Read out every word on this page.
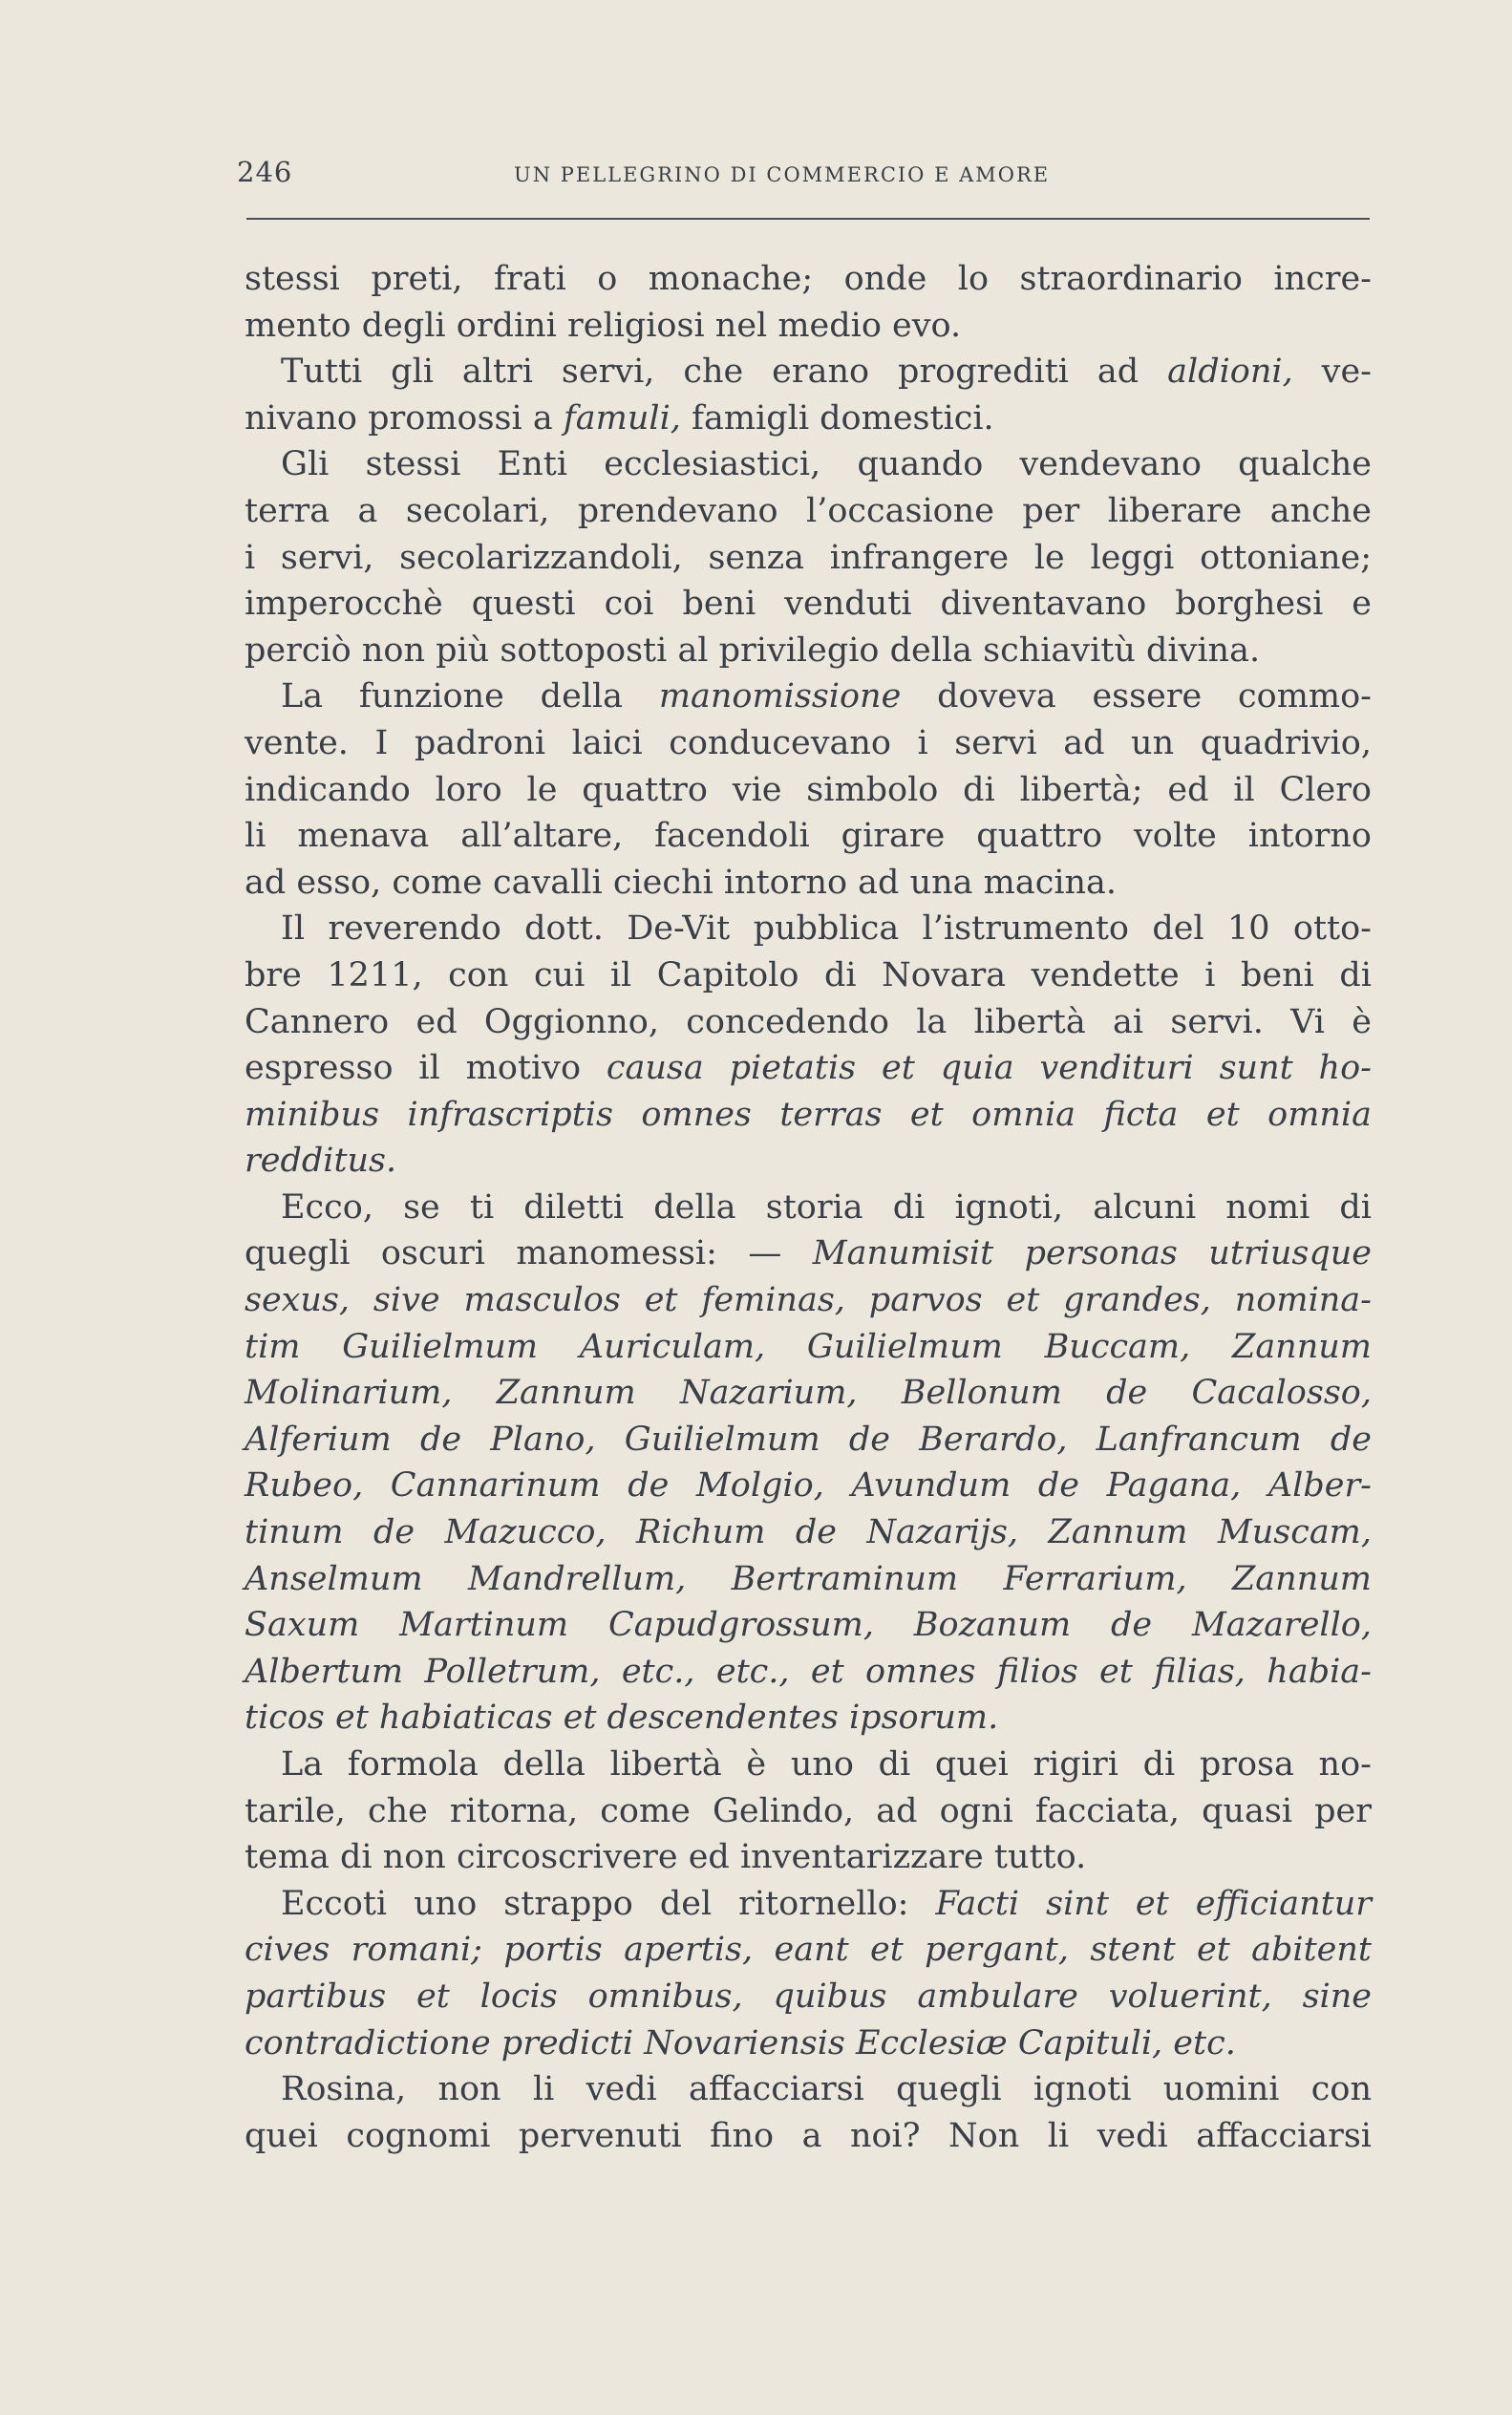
246	UN PELLEGRINO DI COMMERCIO E AMORE
stessi preti, frati o monache; onde lo straordinario incre-
mento degli ordini religiosi nel medio evo.
Tutti gli altri servi, che erano progrediti ad aldioni, ve-
nivano promossi a famuli, famigli domestici.
Gli stessi Enti ecclesiastici, quando vendevano qualche
terra a secolari, prendevano l’occasione per liberare anche
i servi, secolarizzandoli, senza infrangere le leggi ottoniane;
imperocchè questi coi beni venduti diventavano borghesi e
perciò non più sottoposti al privilegio della schiavitù divina.
La funzione della manomissione doveva essere commo-
vente. I padroni laici conducevano i servi ad un quadrivio,
indicando loro le quattro vie simbolo di libertà; ed il Clero
li menava all’altare, facendoli girare quattro volte intorno
ad esso, come cavalli ciechi intorno ad una macina.
Il reverendo dott. De-Vit pubblica l’istrumento del 10 otto-
bre 1211, con cui il Capitolo di Novara vendette i beni di
Cannero ed Oggionno, concedendo la libertà ai servi. Vi è
espresso il motivo causa pietatis et quia vendituri sunt ho-
minibus infrascriptis omnes terras et omnia ficta et omnia
redditus.
Ecco, se ti diletti della storia di ignoti, alcuni nomi di
quegli oscuri manomessi: — Manumisit personas utriusque
sexus, sive masculos et feminas, parvos et grandes, nomina-
tim Guilielmum Auriculam, Guilielmum Buccam, Zannum
Molinarium, Zannum Nazarium, Bellonum de Cacalosso,
Alferium de Plano, Guilielmum de Berardo, Lanfrancum de
Rubeo, Cannarinum de Molgio, Avundum de Pagana, Alber-
tinum de Mazucco, Richum de Nazarijs, Zannum Muscam,
Anselmum Mandrellum, Bertraminum Ferrarium, Zannum
Saxum Martinum Capudgrossum, Bozanum de Mazarello,
Albertum Polletrum, etc., etc., et omnes filios et filias, habia-
ticos et habiaticas et descendentes ipsorum.
La formola della libertà è uno di quei rigiri di prosa no-
tarile, che ritorna, come Gelindo, ad ogni facciata, quasi per
tema di non circoscrivere ed inventarizzare tutto.
Eccoti uno strappo del ritornello: Facti sint et efficiantur
cives romani; portis apertis, eant et pergant, stent et abitent
partibus et locis omnibus, quibus ambulare voluerint, sine
contradictione predicti Novariensis Ecclesiæ Capituli, etc.
Rosina, non li vedi affacciarsi quegli ignoti uomini con
quei cognomi pervenuti fino a noi? Non li vedi affacciarsi
